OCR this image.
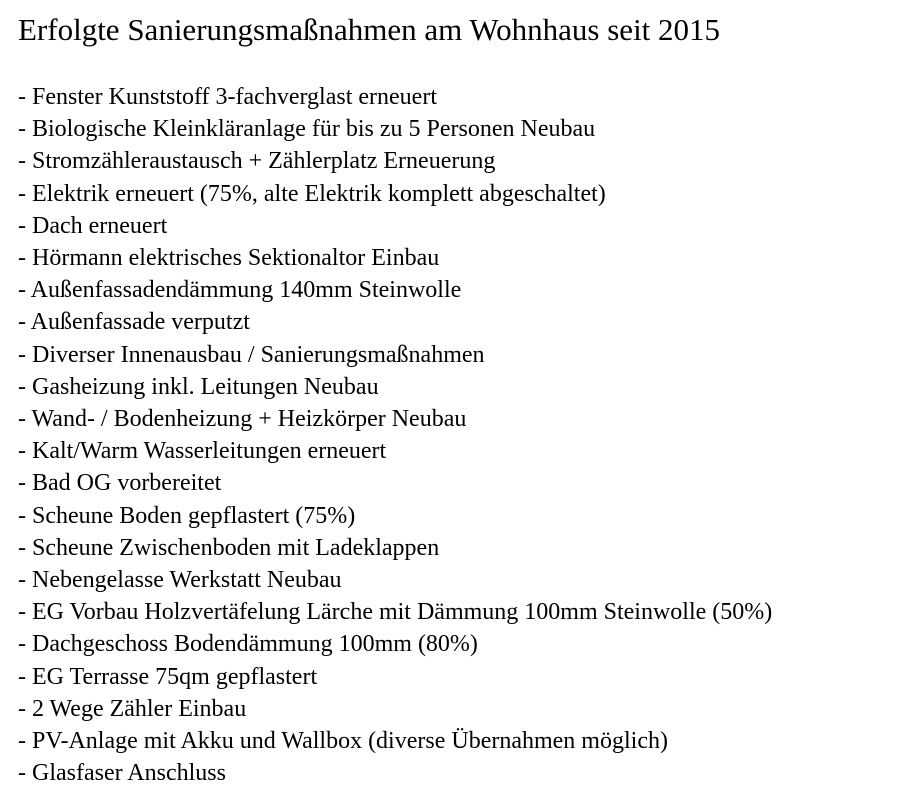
Erfolgte Sanierungsmaßnahmen am Wohnhaus seit 2015
- Fenster Kunststoff 3-fachverglast erneuert
- Biologische Kleinkläranlage für bis zu 5 Personen Neubau
- Stromzähleraustausch + Zählerplatz Erneuerung
- Elektrik erneuert (75%, alte Elektrik komplett abgeschaltet)
- Dach erneuert
- Hörmann elektrisches Sektionaltor Einbau
- Außenfassadendämmung 140mm Steinwolle
- Außenfassade verputzt
- Diverser Innenausbau / Sanierungsmaßnahmen
- Gasheizung inkl. Leitungen Neubau
- Wand- / Bodenheizung + Heizkörper Neubau
- Kalt/Warm Wasserleitungen erneuert
- Bad OG vorbereitet
- Scheune Boden gepflastert (75%)
- Scheune Zwischenboden mit Ladeklappen
- Nebengelasse Werkstatt Neubau
- EG Vorbau Holzvertäfelung Lärche mit Dämmung 100mm Steinwolle (50%)
- Dachgeschoss Bodendämmung 100mm (80%)
- EG Terrasse 75qm gepflastert
- 2 Wege Zähler Einbau
- PV-Anlage mit Akku und Wallbox (diverse Übernahmen möglich)
- Glasfaser Anschluss
